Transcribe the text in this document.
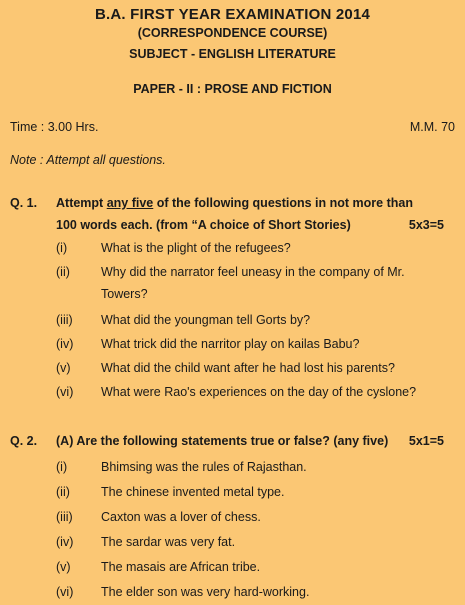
B.A. FIRST YEAR EXAMINATION 2014
(CORRESPONDENCE COURSE)
SUBJECT - ENGLISH LITERATURE
PAPER - II : PROSE AND FICTION
Time : 3.00 Hrs.	M.M. 70
Note : Attempt all questions.
Q. 1. Attempt any five of the following questions in not more than
100 words each. (from “A choice of Short Stories)	5x3=5
(i)	What is the plight of the refugees?
(ii) Why did the narrator feel uneasy in the company of Mr.
Towers?
(iii) What did the youngman tell Gorts by?
(iv) What trick did the narritor play on kailas Babu?
(v) What did the child want after he had lost his parents?
(vi) What were Rao's experiences on the day of the cyslone?
Q. 2. (A) Are the following statements true or false? (any five) 5x1=5
(i)	Bhimsing was the rules of Rajasthan.
(ii) The chinese invented metal type.
(iii) Caxton was a lover of chess.
(iv) The sardar was very fat.
(v) The masais are African tribe.
(vi) The elder son was very hard-working.
